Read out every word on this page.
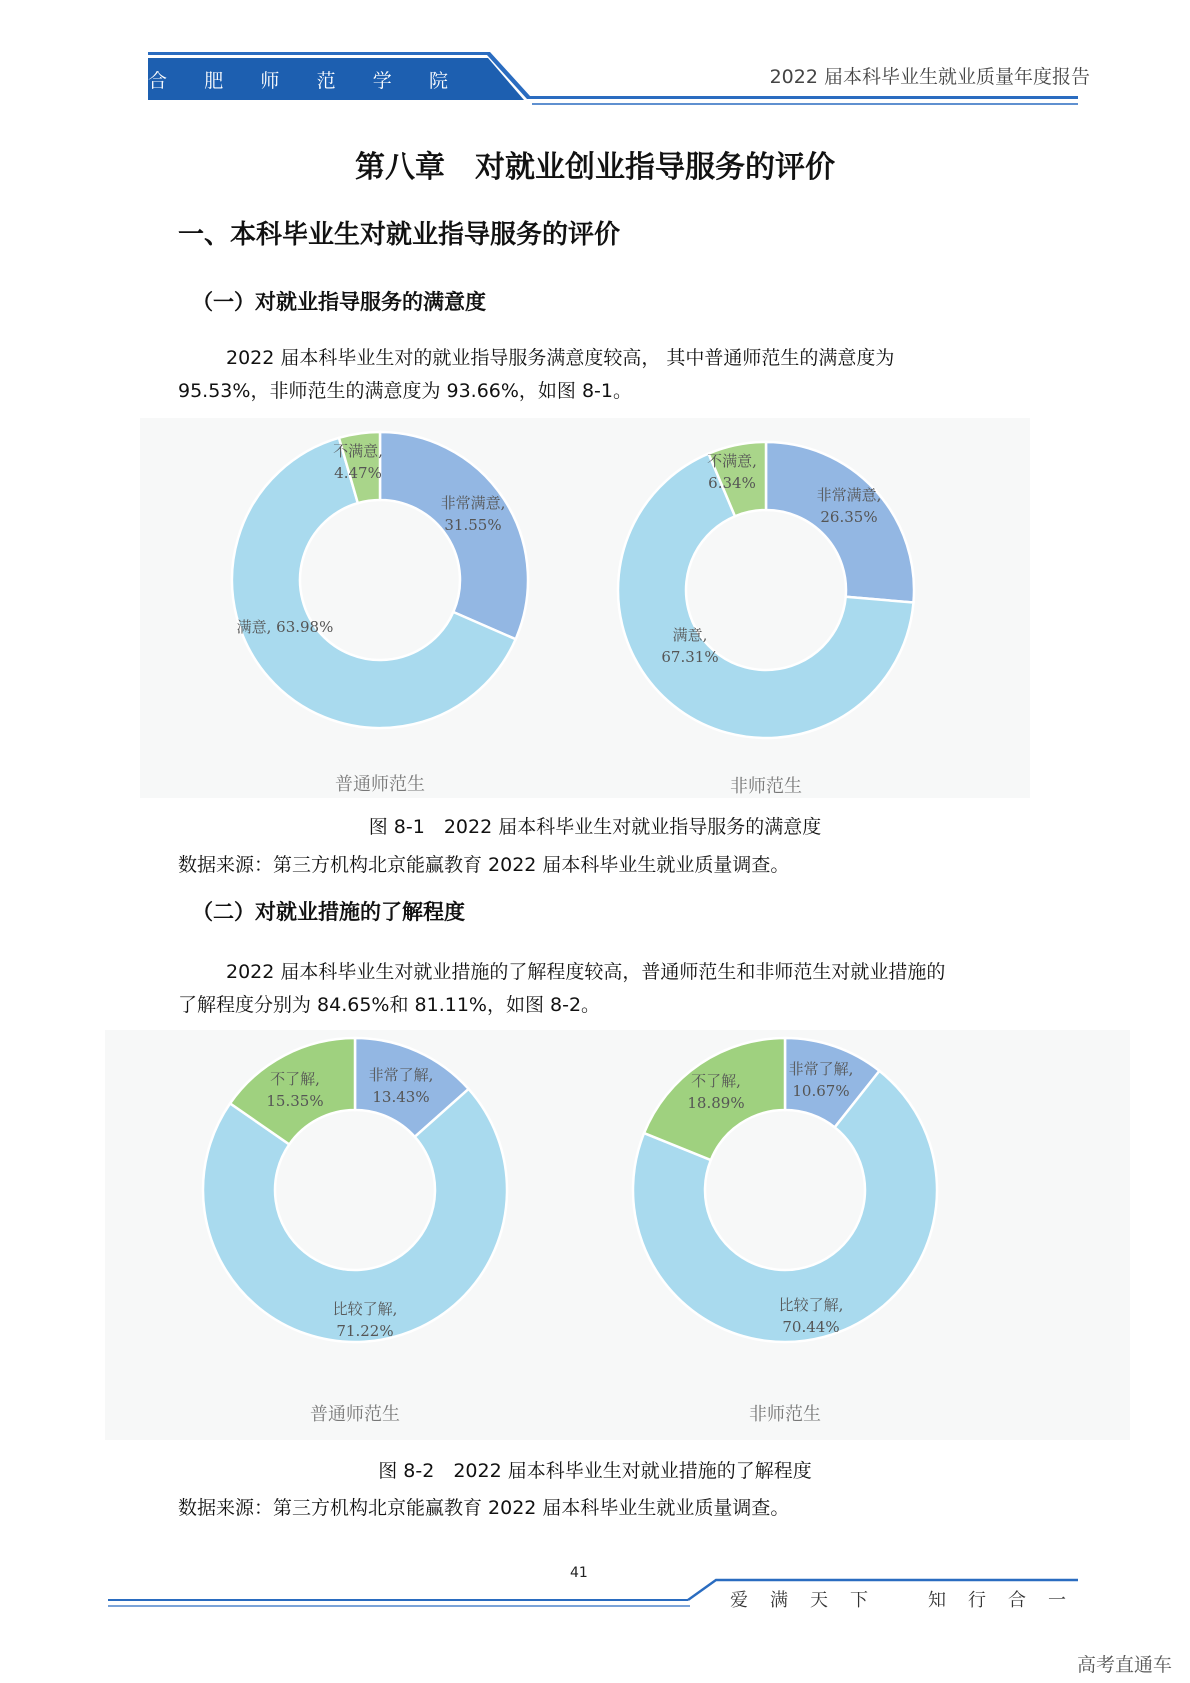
合 肥 师 范 学 院	2022 届本科毕业生就业质量年度报告
第八章　对就业创业指导服务的评价
一、本科毕业生对就业指导服务的评价
（一）对就业指导服务的满意度
2022 届本科毕业生对的就业指导服务满意度较高， 其中普通师范生的满意度为
95.53%，非师范生的满意度为 93.66%，如图 8-1。
非常满意,
31.55%
满意, 63.98%
不满意,
4.47%
普通师范生
非常满意,
26.35%
满意,
67.31%
不满意,
6.34%
非师范生
图 8-1　2022 届本科毕业生对就业指导服务的满意度
数据来源：第三方机构北京能赢教育 2022 届本科毕业生就业质量调查。
（二）对就业措施的了解程度
2022 届本科毕业生对就业措施的了解程度较高，普通师范生和非师范生对就业措施的
了解程度分别为 84.65%和 81.11%，如图 8-2。
非常了解,
13.43%
比较了解,
71.22%
不了解,
15.35%
普通师范生
非常了解,
10.67%
比较了解,
70.44%
不了解,
18.89%
非师范生
图 8-2　2022 届本科毕业生对就业措施的了解程度
数据来源：第三方机构北京能赢教育 2022 届本科毕业生就业质量调查。
41
爱满天下 知行合一
高考直通车
